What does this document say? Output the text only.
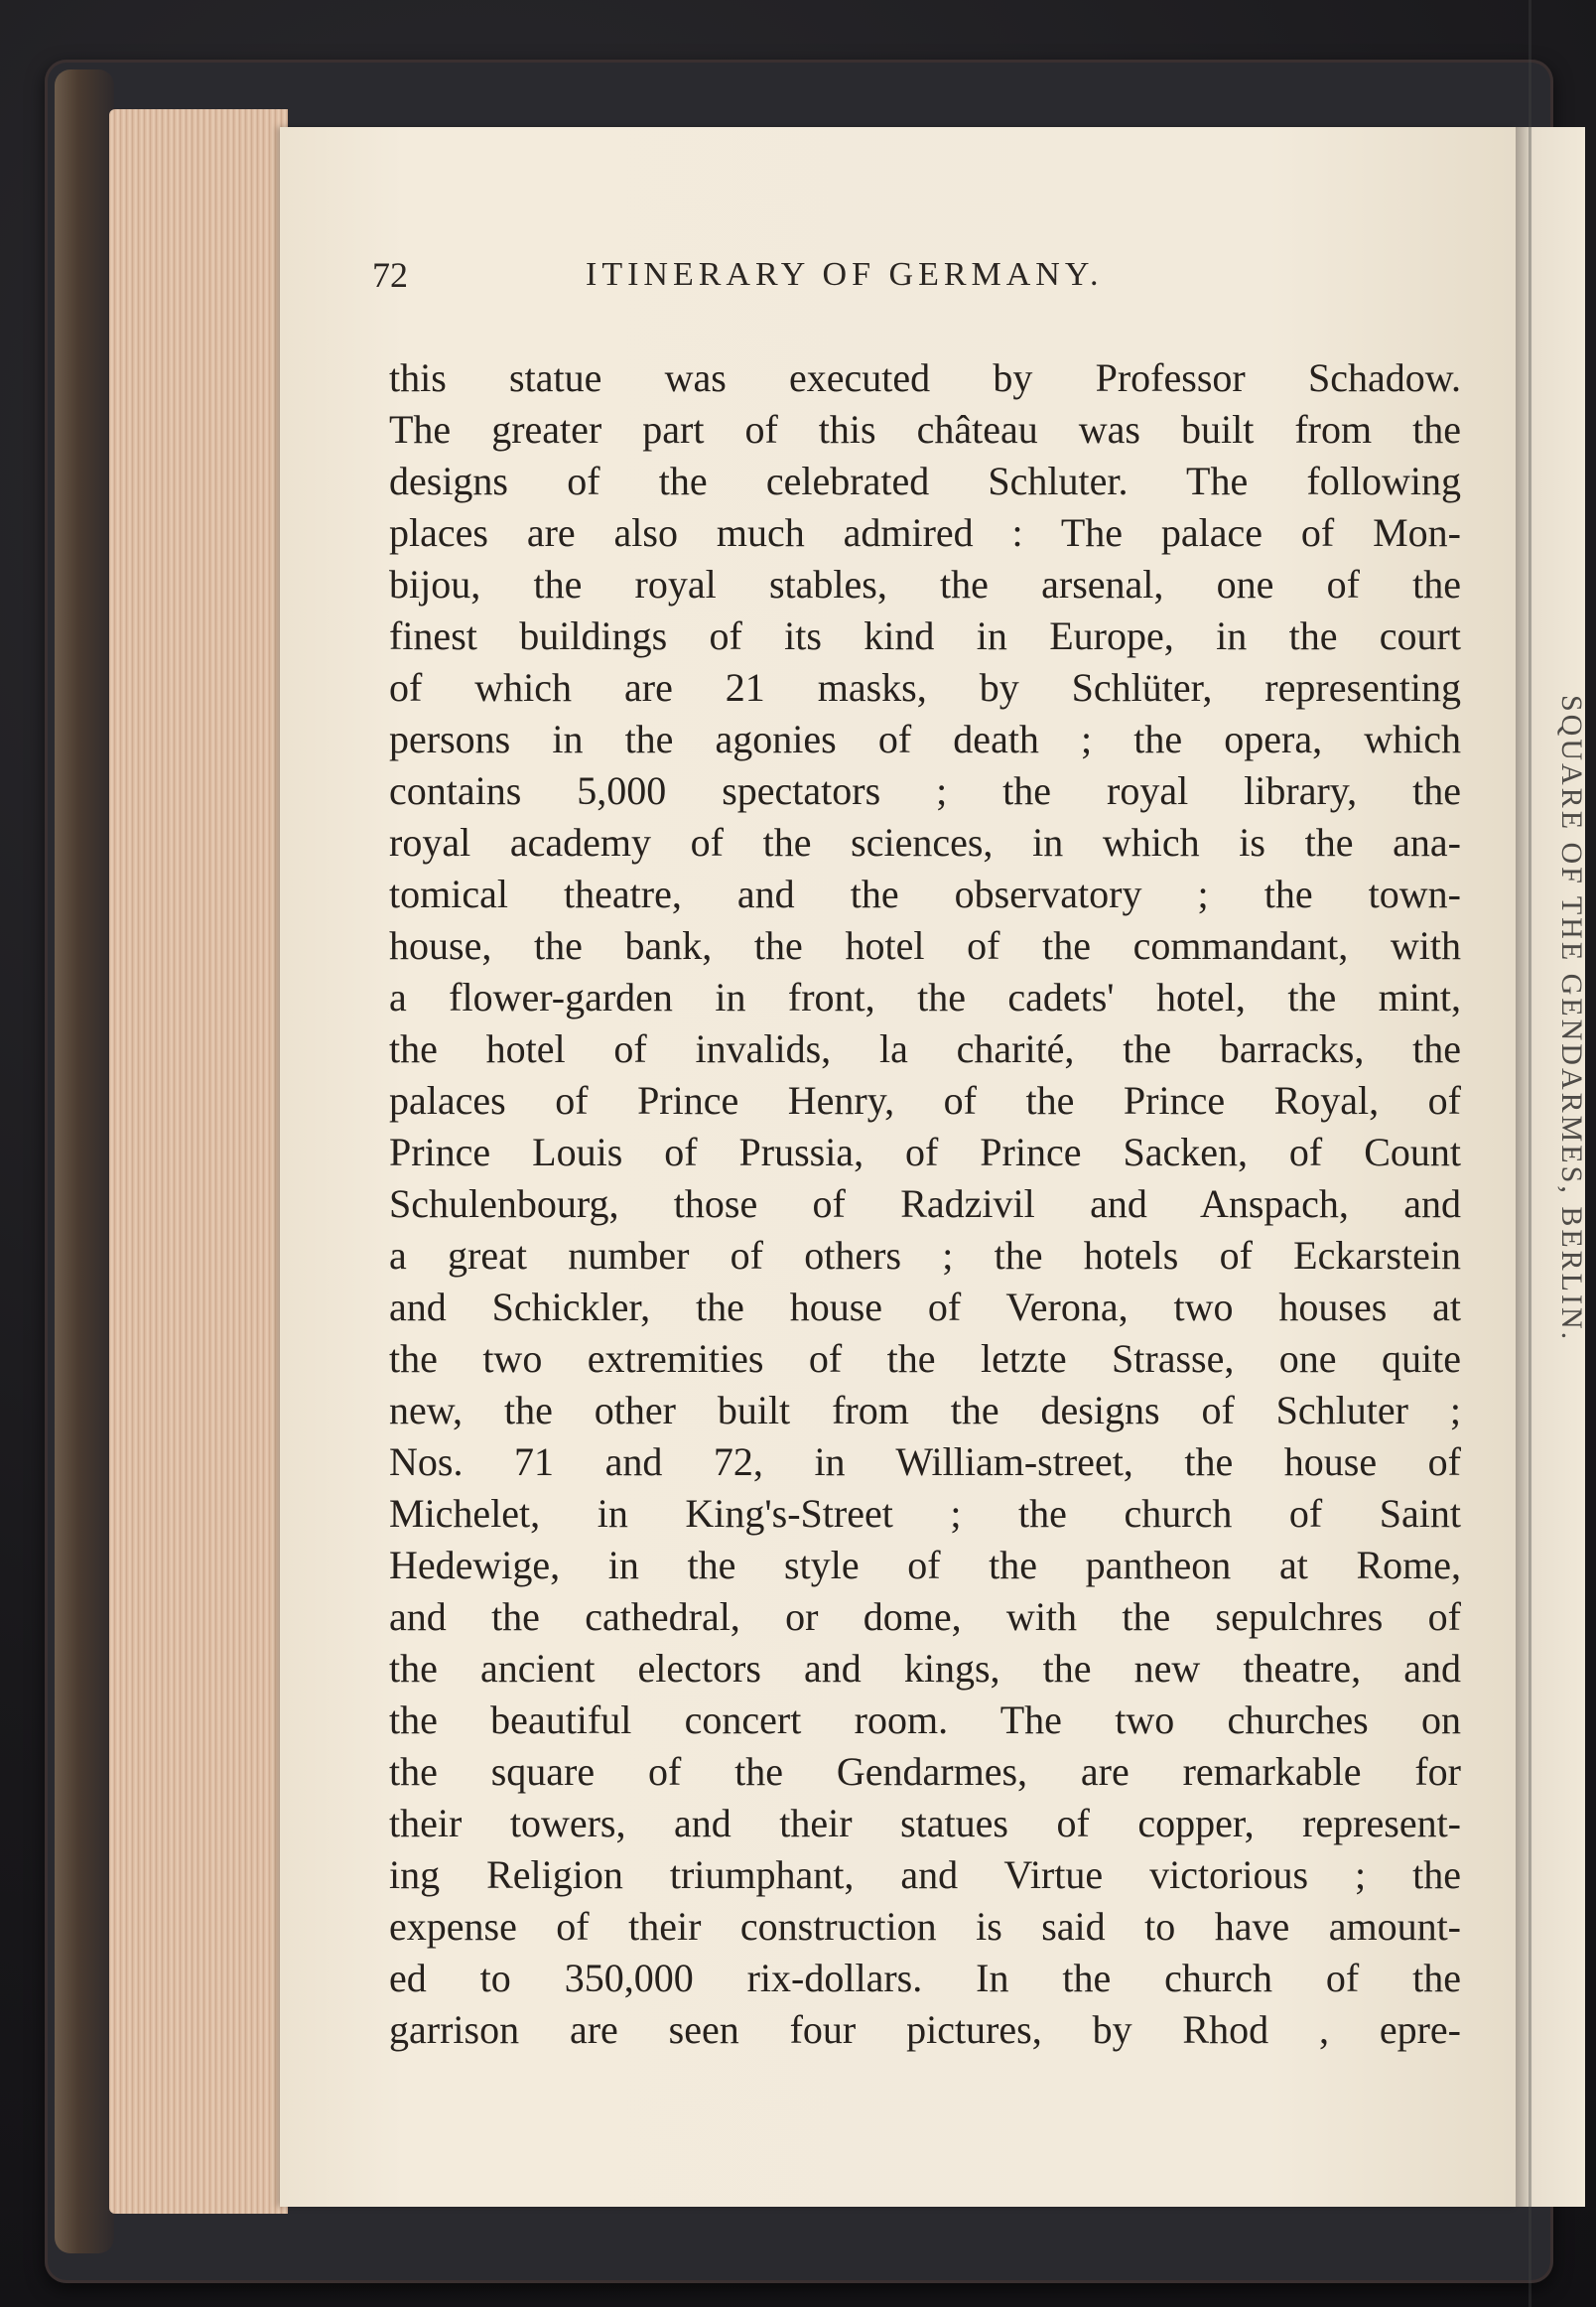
72	ITINERARY OF GERMANY.
this statue was executed by Professor Schadow.
The greater part of this château was built from the
designs of the celebrated Schluter. The following
places are also much admired : The palace of Mon-
bijou, the royal stables, the arsenal, one of the
finest buildings of its kind in Europe, in the court
of which are 21 masks, by Schlüter, representing
persons in the agonies of death ; the opera, which
contains 5,000 spectators ; the royal library, the
royal academy of the sciences, in which is the ana-
tomical theatre, and the observatory ; the town-
house, the bank, the hotel of the commandant, with
a flower-garden in front, the cadets' hotel, the mint,
the hotel of invalids, la charité, the barracks, the
palaces of Prince Henry, of the Prince Royal, of
Prince Louis of Prussia, of Prince Sacken, of Count
Schulenbourg, those of Radzivil and Anspach, and
a great number of others ; the hotels of Eckarstein
and Schickler, the house of Verona, two houses at
the two extremities of the letzte Strasse, one quite
new, the other built from the designs of Schluter ;
Nos. 71 and 72, in William-street, the house of
Michelet, in King's-Street ; the church of Saint
Hedewige, in the style of the pantheon at Rome,
and the cathedral, or dome, with the sepulchres of
the ancient electors and kings, the new theatre, and
the beautiful concert room. The two churches on
the square of the Gendarmes, are remarkable for
their towers, and their statues of copper, represent-
ing Religion triumphant, and Virtue victorious ; the
expense of their construction is said to have amount-
ed to 350,000 rix-dollars. In the church of the
garrison are seen four pictures, by Rhod , epre-
SQUARE OF THE GENDARMES, BERLIN.
